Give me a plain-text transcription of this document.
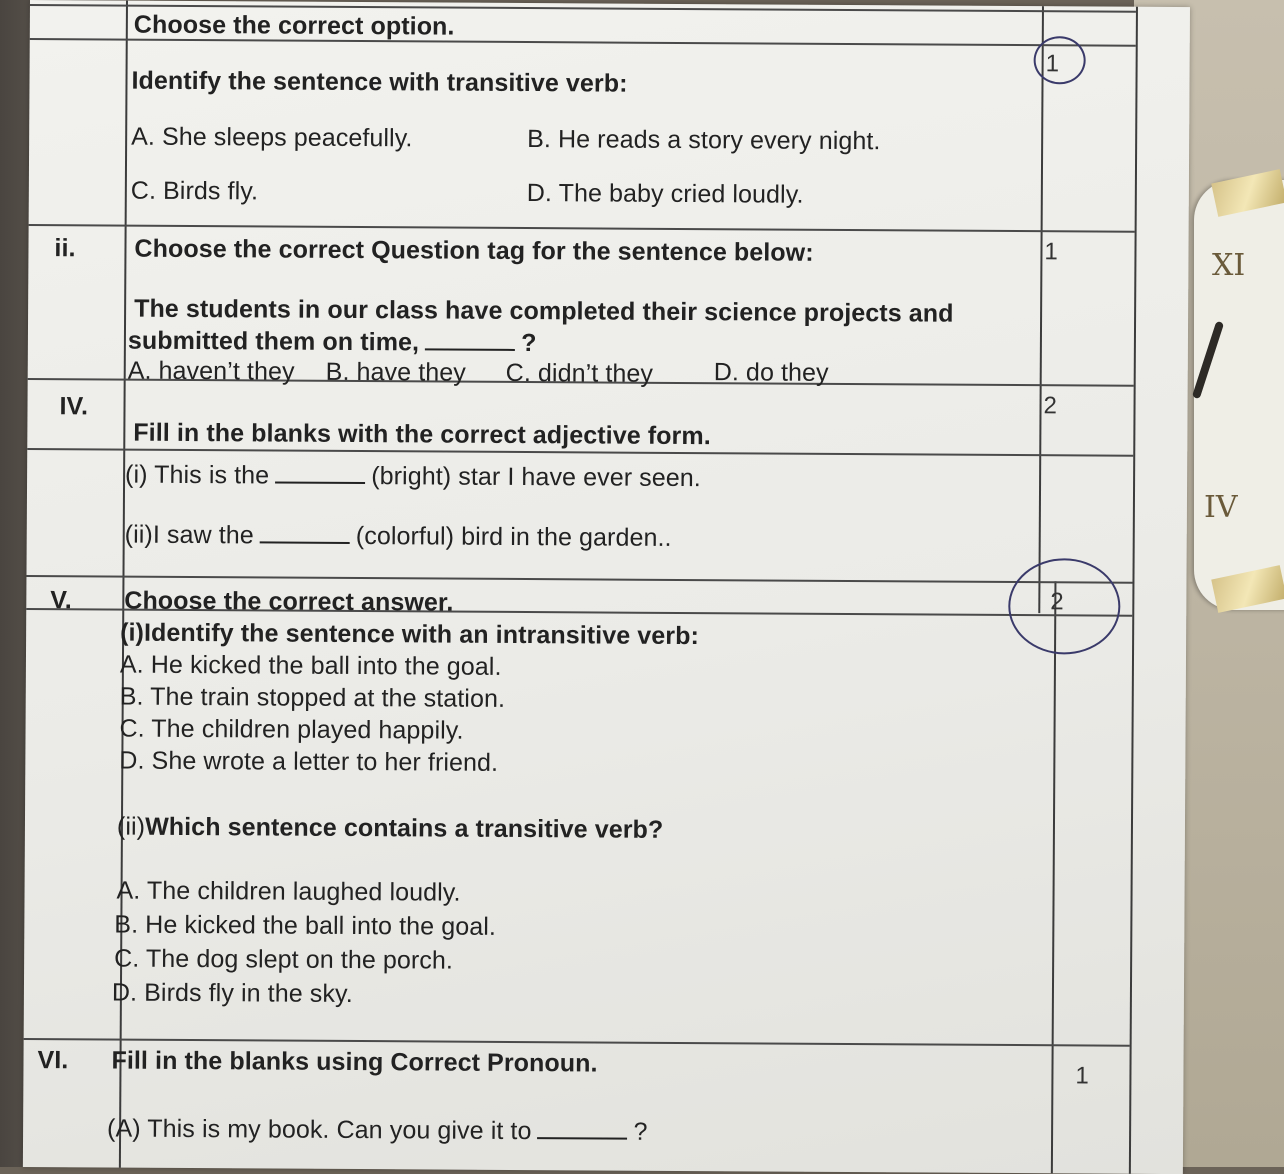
XI
IV
Choose the correct option.
Identify the sentence with transitive verb:
A. She sleeps peacefully.	B. He reads a story every night.
C. Birds fly.	D. The baby cried loudly.
1
ii. Choose the correct Question tag for the sentence below:	1
The students in our class have completed their science projects and
submitted them on time,	?
A. haven’t they B. have they C. didn’t they D. do they
IV.	2
Fill in the blanks with the correct adjective form.
(i) This is the	(bright) star I have ever seen.
(ii)I saw the	(colorful) bird in the garden..
V. Choose the correct answer.	2
(i)Identify the sentence with an intransitive verb:
A. He kicked the ball into the goal.
B. The train stopped at the station.
C. The children played happily.
D. She wrote a letter to her friend.
(ii)Which sentence contains a transitive verb?
A. The children laughed loudly.
B. He kicked the ball into the goal.
C. The dog slept on the porch.
D. Birds fly in the sky.
VI. Fill in the blanks using Correct Pronoun.	1
(A) This is my book. Can you give it to	?
